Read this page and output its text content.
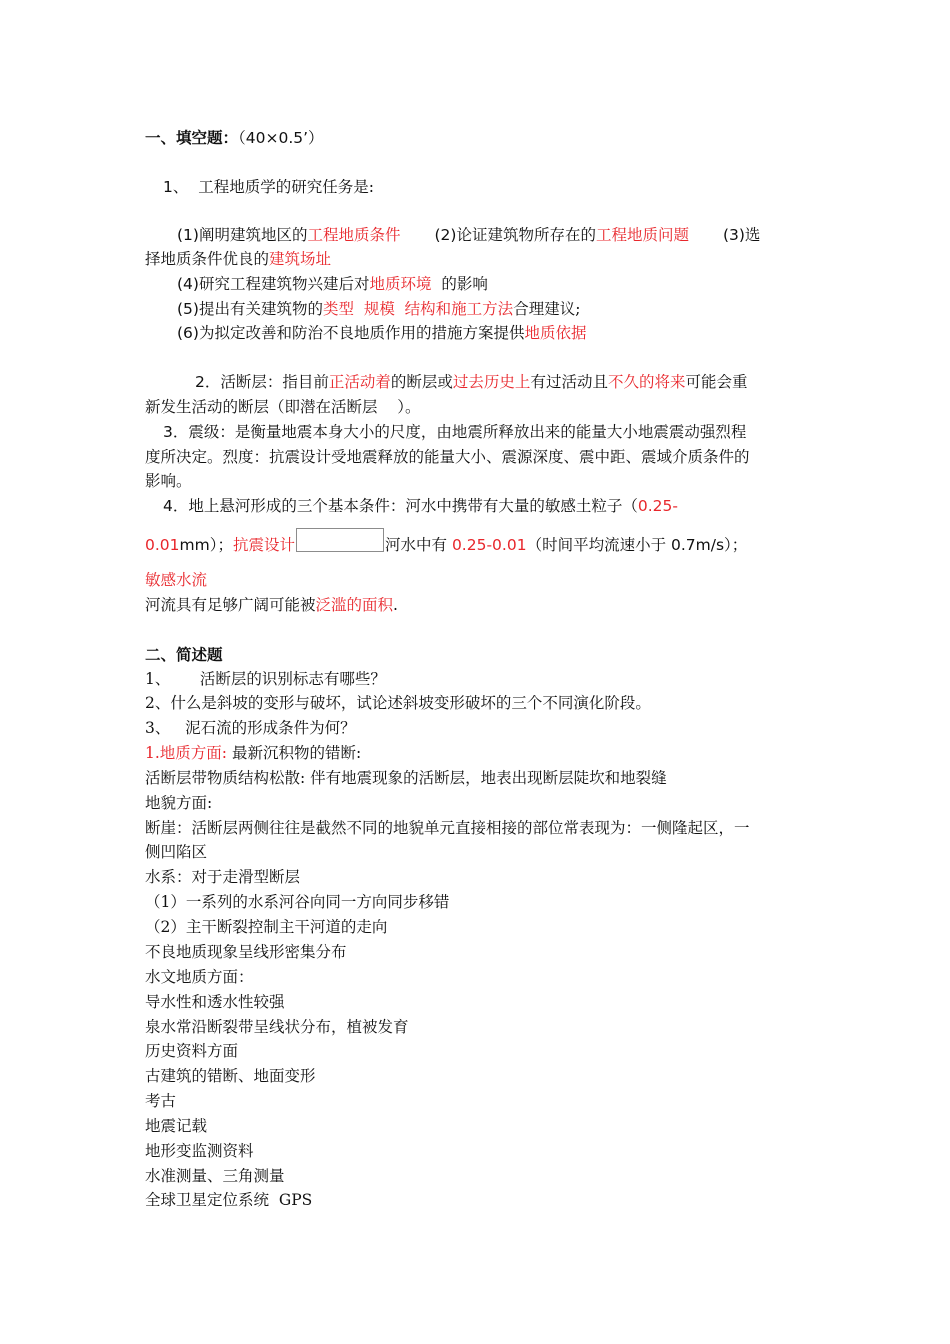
一、填空题：（40×0.5’）
1、 工程地质学的研究任务是:
(1)阐明建筑地区的工程地质条件 (2)论证建筑物所存在的工程地质问题 (3)选
择地质条件优良的建筑场址
(4)研究工程建筑物兴建后对地质环境 的影响
(5)提出有关建筑物的类型  规模  结构和施工方法合理建议;
(6)为拟定改善和防治不良地质作用的措施方案提供地质依据
2．活断层：指目前正活动着的断层或过去历史上有过活动且不久的将来可能会重
新发生活动的断层（即潜在活断层    ）。
3．震级：是衡量地震本身大小的尺度，由地震所释放出来的能量大小地震震动强烈程
度所决定。烈度：抗震设计受地震释放的能量大小、震源深度、震中距、震域介质条件的
影响。
4．地上悬河形成的三个基本条件：河水中携带有大量的敏感土粒子（0.25-
0.01mm）；抗震设计	河水中有 0.25-0.01（时间平均流速小于 0.7m/s）；
敏感水流
河流具有足够广阔可能被泛滥的面积.
二、简述题
1、      活断层的识别标志有哪些？
2、什么是斜坡的变形与破坏，试论述斜坡变形破坏的三个不同演化阶段。
3、   泥石流的形成条件为何？
1.地质方面: 最新沉积物的错断:
活断层带物质结构松散: 伴有地震现象的活断层，地表出现断层陡坎和地裂缝
地貌方面:
断崖：活断层两侧往往是截然不同的地貌单元直接相接的部位常表现为：一侧隆起区，一
侧凹陷区
水系：对于走滑型断层
（1）一系列的水系河谷向同一方向同步移错
（2）主干断裂控制主干河道的走向
不良地质现象呈线形密集分布
水文地质方面：
导水性和透水性较强
泉水常沿断裂带呈线状分布，植被发育
历史资料方面
古建筑的错断、地面变形
考古
地震记载
地形变监测资料
水准测量、三角测量
全球卫星定位系统  GPS
